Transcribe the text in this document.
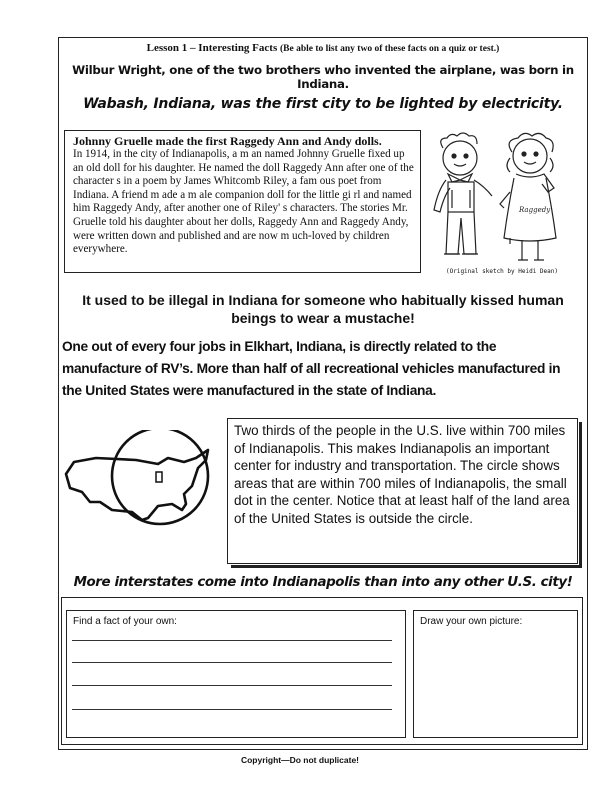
Lesson 1 – Interesting Facts (Be able to list any two of these facts on a quiz or test.)
Wilbur Wright, one of the two brothers who invented the airplane, was born in Indiana.
Wabash, Indiana, was the first city to be lighted by electricity.
Johnny Gruelle made the first Raggedy Ann and Andy dolls.
In 1914, in the city of Indianapolis, a m an named Johnny Gruelle fixed up an old doll for his daughter. He named the doll Raggedy Ann after one of the character s in a poem by James Whitcomb Riley, a fam ous poet from Indiana. A friend m ade a m ale companion doll for the little gi rl and named him Raggedy Andy, after another one of Riley' s characters. The stories Mr. Gruelle told his daughter about her dolls, Raggedy Ann and Raggedy Andy, were written down and published and are now m uch-loved by children everywhere.
Raggedy
(Original sketch by Heidi Dean)
It used to be illegal in Indiana for someone who habitually kissed human beings to wear a mustache!
One out of every four jobs in Elkhart, Indiana, is directly related to the manufacture of RV’s. More than half of all recreational vehicles manufactured in the United States were manufactured in the state of Indiana.
Two thirds of the people in the U.S. live within 700 miles of Indianapolis. This makes Indianapolis an important center for industry and transportation. The circle shows areas that are within 700 miles of Indianapolis, the small dot in the center. Notice that at least half of the land area of the United States is outside the circle.
More interstates come into Indianapolis than into any other U.S. city!
Find a fact of your own:	Draw your own picture:
Copyright—Do not duplicate!
